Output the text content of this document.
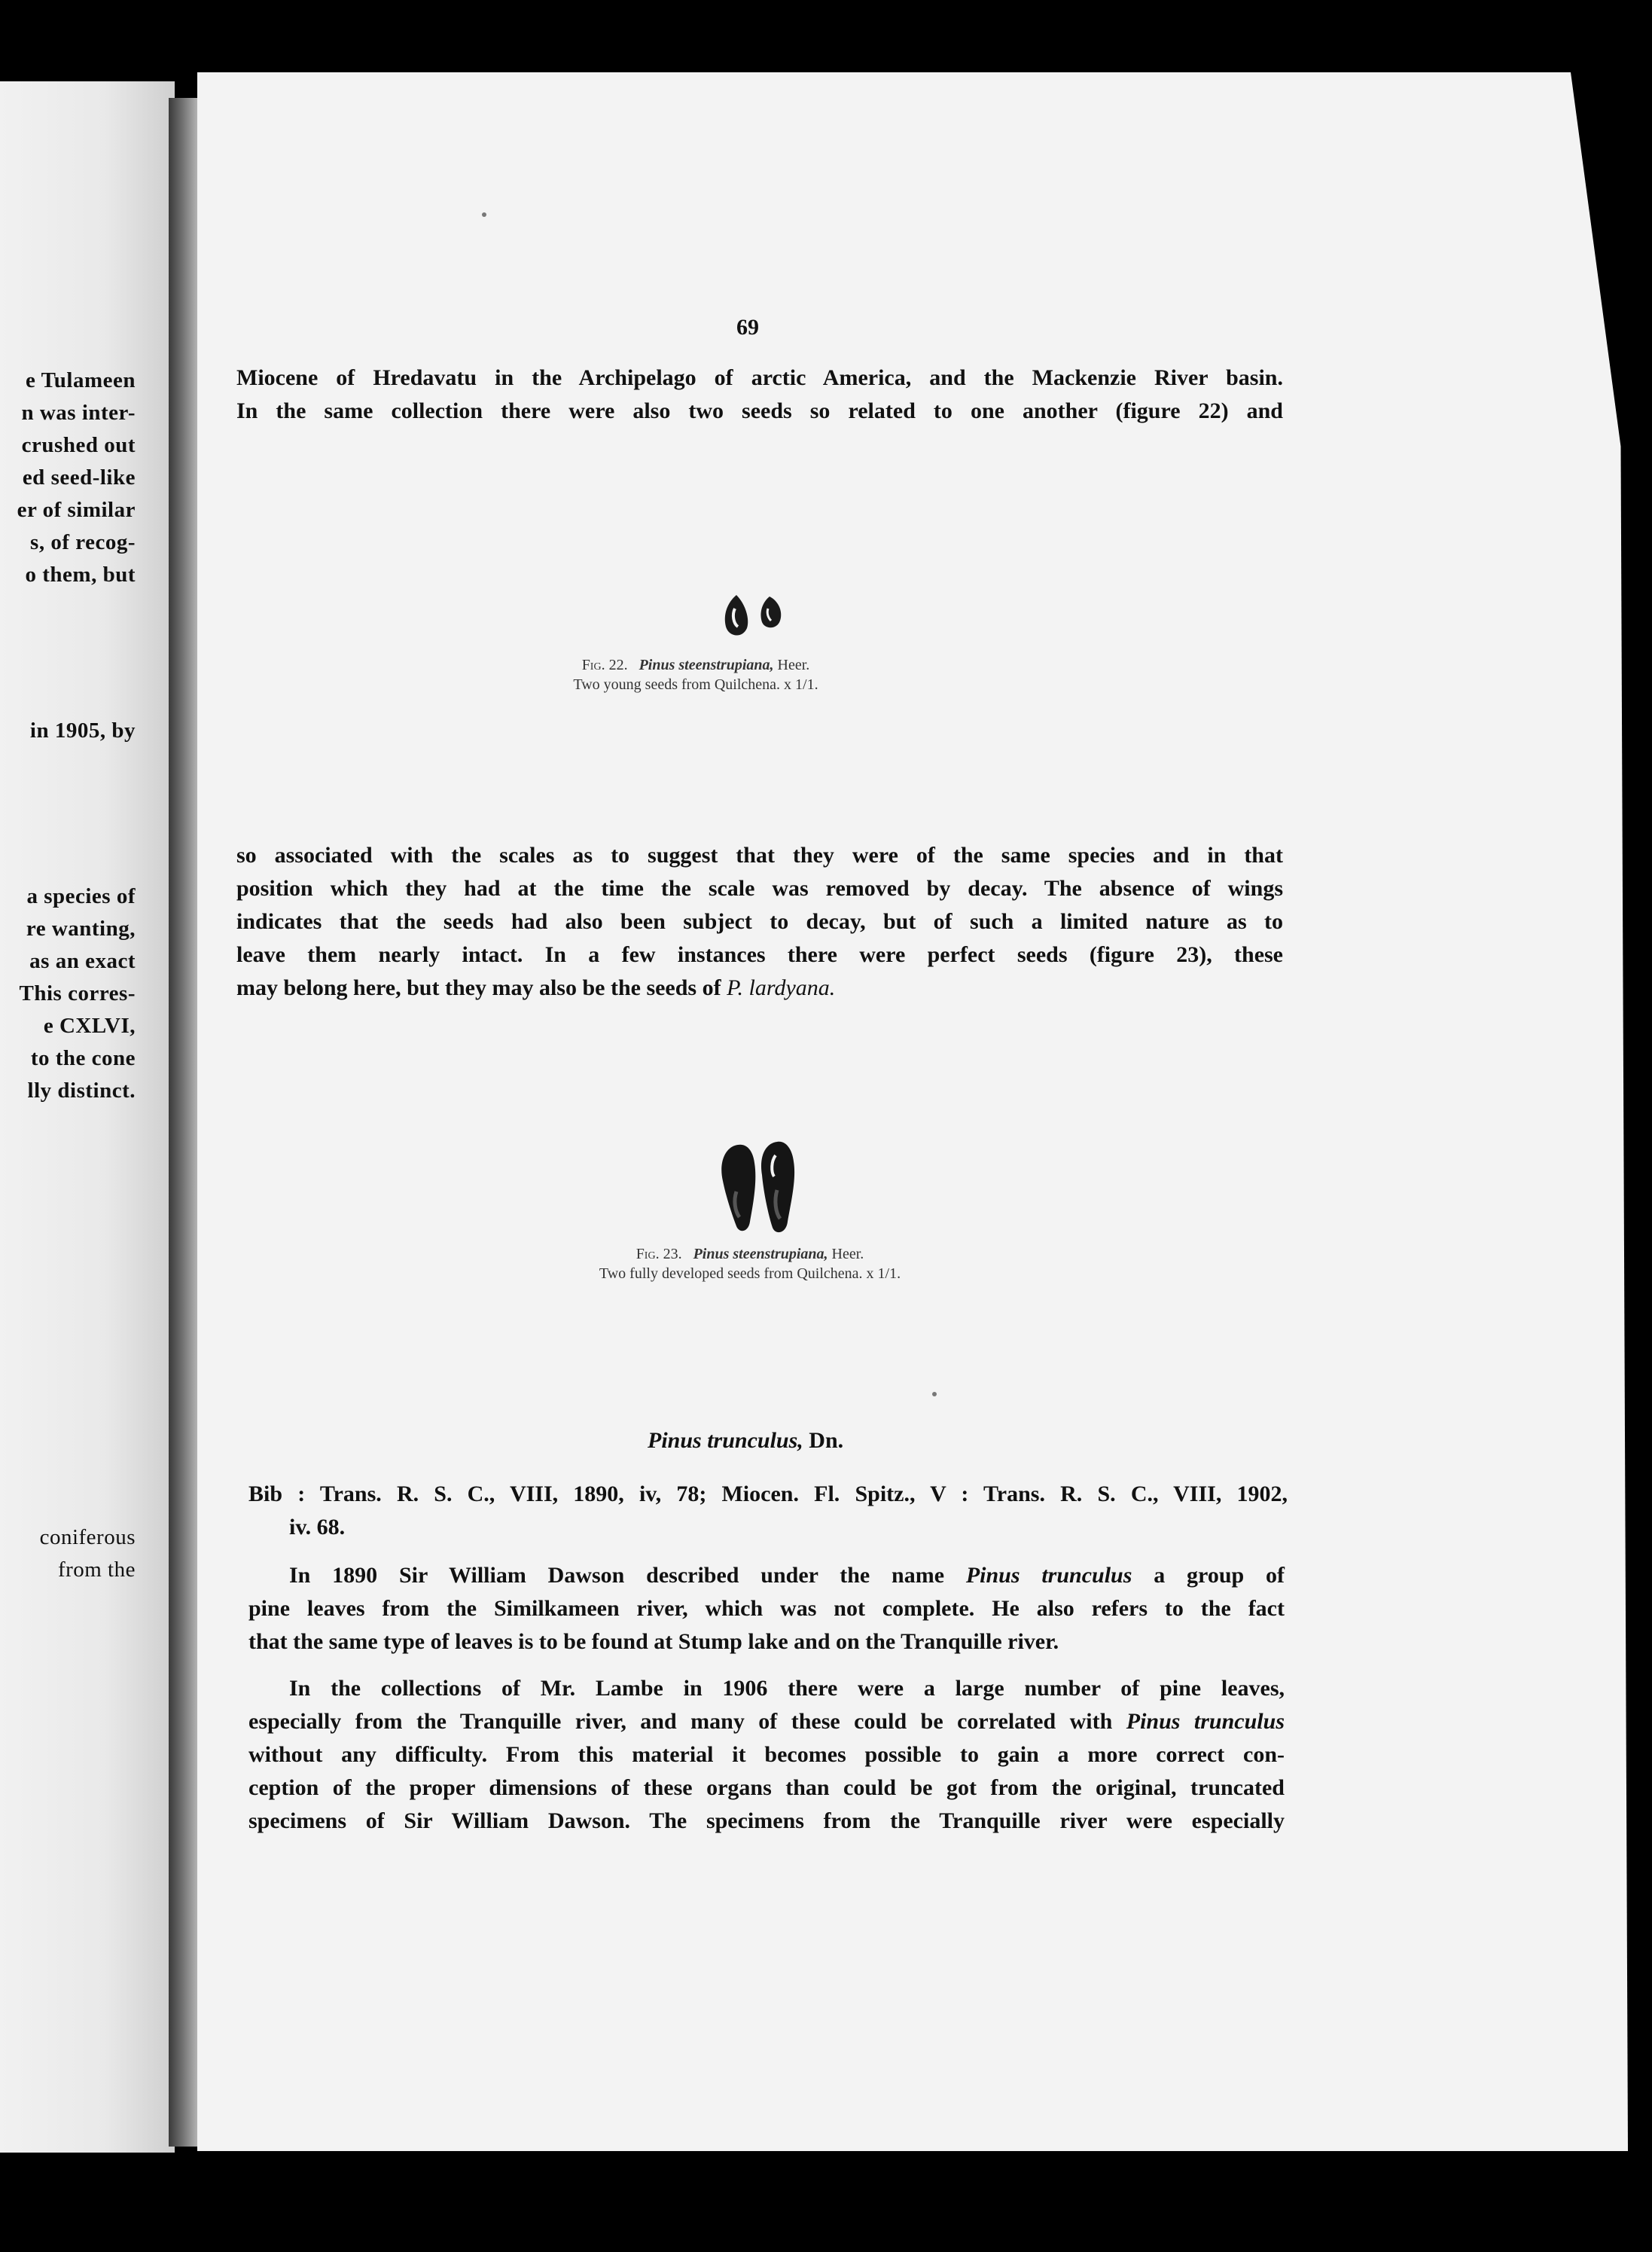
e Tulameen
n was inter-
crushed out
ed seed-like
er of similar
s, of recog-
o them, but
in 1905, by
a species of
re wanting,
as an exact
This corres-
e CXLVI,
to the cone
lly distinct.
coniferous
from the
69
Miocene of Hredavatu in the Archipelago of arctic America, and the Mackenzie River basin.
In the same collection there were also two seeds so related to one another (figure 22) and
Fig. 22. Pinus steenstrupiana, Heer.
Two young seeds from Quilchena. x 1/1.
so associated with the scales as to suggest that they were of the same species and in that
position which they had at the time the scale was removed by decay. The absence of wings
indicates that the seeds had also been subject to decay, but of such a limited nature as to
leave them nearly intact. In a few instances there were perfect seeds (figure 23), these
may belong here, but they may also be the seeds of P. lardyana.
Fig. 23. Pinus steenstrupiana, Heer.
Two fully developed seeds from Quilchena. x 1/1.
Pinus trunculus, Dn.
Bib : Trans. R. S. C., VIII, 1890, iv, 78; Miocen. Fl. Spitz., V : Trans. R. S. C., VIII, 1902,
iv. 68.
In 1890 Sir William Dawson described under the name Pinus trunculus a group of
pine leaves from the Similkameen river, which was not complete. He also refers to the fact
that the same type of leaves is to be found at Stump lake and on the Tranquille river.
In the collections of Mr. Lambe in 1906 there were a large number of pine leaves,
especially from the Tranquille river, and many of these could be correlated with Pinus trunculus
without any difficulty. From this material it becomes possible to gain a more correct con-
ception of the proper dimensions of these organs than could be got from the original, truncated
specimens of Sir William Dawson. The specimens from the Tranquille river were especially
